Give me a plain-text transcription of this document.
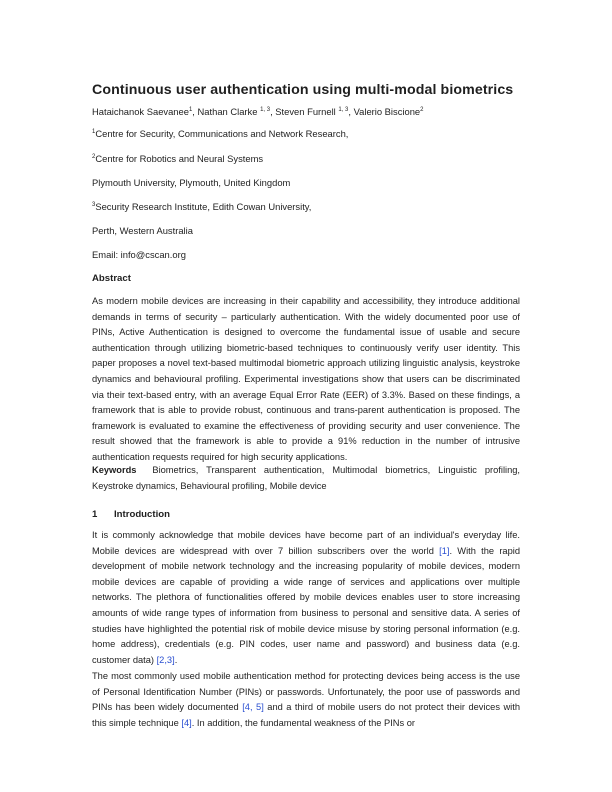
Continuous user authentication using multi-modal biometrics
Hataichanok Saevanee$^1$, Nathan Clarke $^{1, 3}$, Steven Furnell $^{1, 3}$, Valerio Biscione$^2$
$^1$Centre for Security, Communications and Network Research,
$^2$Centre for Robotics and Neural Systems
Plymouth University, Plymouth, United Kingdom
$^3$Security Research Institute, Edith Cowan University,
Perth, Western Australia
Email: info@cscan.org
Abstract

As modern mobile devices are increasing in their capability and accessibility, they introduce additional demands in terms of security – particularly authentication. With the widely documented poor use of PINs, Active Authentication is designed to overcome the fundamental issue of usable and secure authentication through utilizing biometric-based techniques to continuously verify user identity. This paper proposes a novel text-based multimodal biometric approach utilizing linguistic analysis, keystroke dynamics and behavioural profiling. Experimental investigations show that users can be discriminated via their text-based entry, with an average Equal Error Rate (EER) of 3.3%. Based on these findings, a framework that is able to provide robust, continuous and trans-parent authentication is proposed. The framework is evaluated to examine the effectiveness of providing security and user convenience. The result showed that the framework is able to provide a 91% reduction in the number of intrusive authentication requests required for high security applications.

Keywords Biometrics, Transparent authentication, Multimodal biometrics, Linguistic profiling, Keystroke dynamics, Behavioural profiling, Mobile device

1 Introduction

It is commonly acknowledge that mobile devices have become part of an individual's everyday life. Mobile devices are widespread with over 7 billion subscribers over the world [1]. With the rapid development of mobile network technology and the increasing popularity of mobile devices, modern mobile devices are capable of providing a wide range of services and applications over multiple networks. The plethora of functionalities offered by mobile devices enables user to store increasing amounts of wide range types of information from business to personal and sensitive data. A series of studies have highlighted the potential risk of mobile device misuse by storing personal information (e.g. home address), credentials (e.g. PIN codes, user name and password) and business data (e.g. customer data) [2,3].

The most commonly used mobile authentication method for protecting devices being access is the use of Personal Identification Number (PINs) or passwords. Unfortunately, the poor use of passwords and PINs has been widely documented [4, 5] and a third of mobile users do not protect their devices with this simple technique [4]. In addition, the fundamental weakness of the PINs or
